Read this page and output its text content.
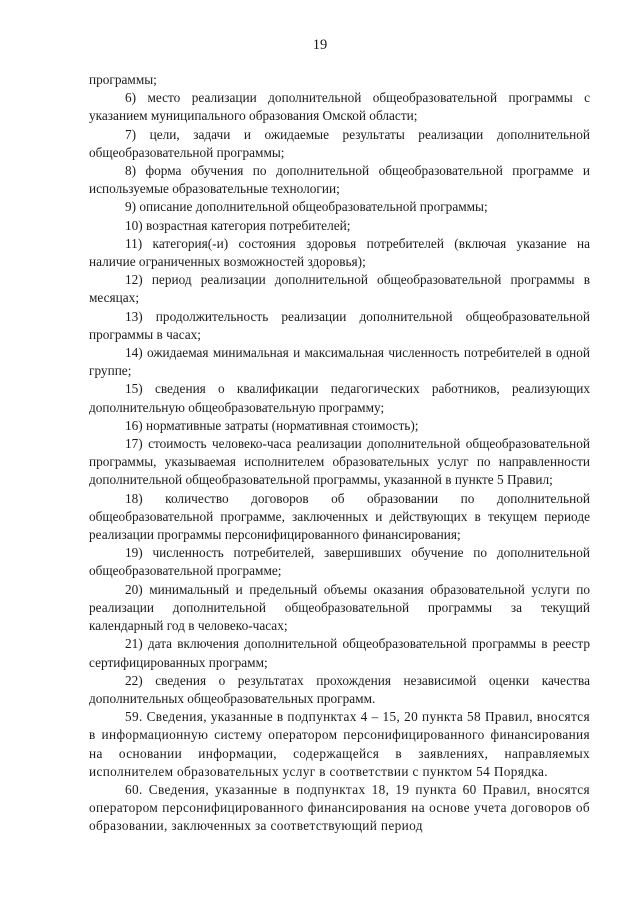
19

программы;

6) место реализации дополнительной общеобразовательной программы с указанием муниципального образования Омской области;

7) цели, задачи и ожидаемые результаты реализации дополнительной общеобразовательной программы;

8) форма обучения по дополнительной общеобразовательной программе и используемые образовательные технологии;

9) описание дополнительной общеобразовательной программы;

10) возрастная категория потребителей;

11) категория(-и) состояния здоровья потребителей (включая указание на наличие ограниченных возможностей здоровья);

12) период реализации дополнительной общеобразовательной программы в месяцах;

13) продолжительность реализации дополнительной общеобразовательной программы в часах;

14) ожидаемая минимальная и максимальная численность потребителей в одной группе;

15) сведения о квалификации педагогических работников, реализующих дополнительную общеобразовательную программу;

16) нормативные затраты (нормативная стоимость);

17) стоимость человеко-часа реализации дополнительной общеобразовательной программы, указываемая исполнителем образовательных услуг по направленности дополнительной общеобразовательной программы, указанной в пункте 5 Правил;

18) количество договоров об образовании по дополнительной общеобразовательной программе, заключенных и действующих в текущем периоде реализации программы персонифицированного финансирования;

19) численность потребителей, завершивших обучение по дополнительной общеобразовательной программе;

20) минимальный и предельный объемы оказания образовательной услуги по реализации дополнительной общеобразовательной программы за текущий календарный год в человеко-часах;

21) дата включения дополнительной общеобразовательной программы в реестр сертифицированных программ;

22) сведения о результатах прохождения независимой оценки качества дополнительных общеобразовательных программ.

59. Сведения, указанные в подпунктах 4 – 15, 20 пункта 58 Правил, вносятся в информационную систему оператором персонифицированного финансирования на основании информации, содержащейся в заявлениях, направляемых исполнителем образовательных услуг в соответствии с пунктом 54 Порядка.

60. Сведения, указанные в подпунктах 18, 19 пункта 60 Правил, вносятся оператором персонифицированного финансирования на основе учета договоров об образовании, заключенных за соответствующий период
